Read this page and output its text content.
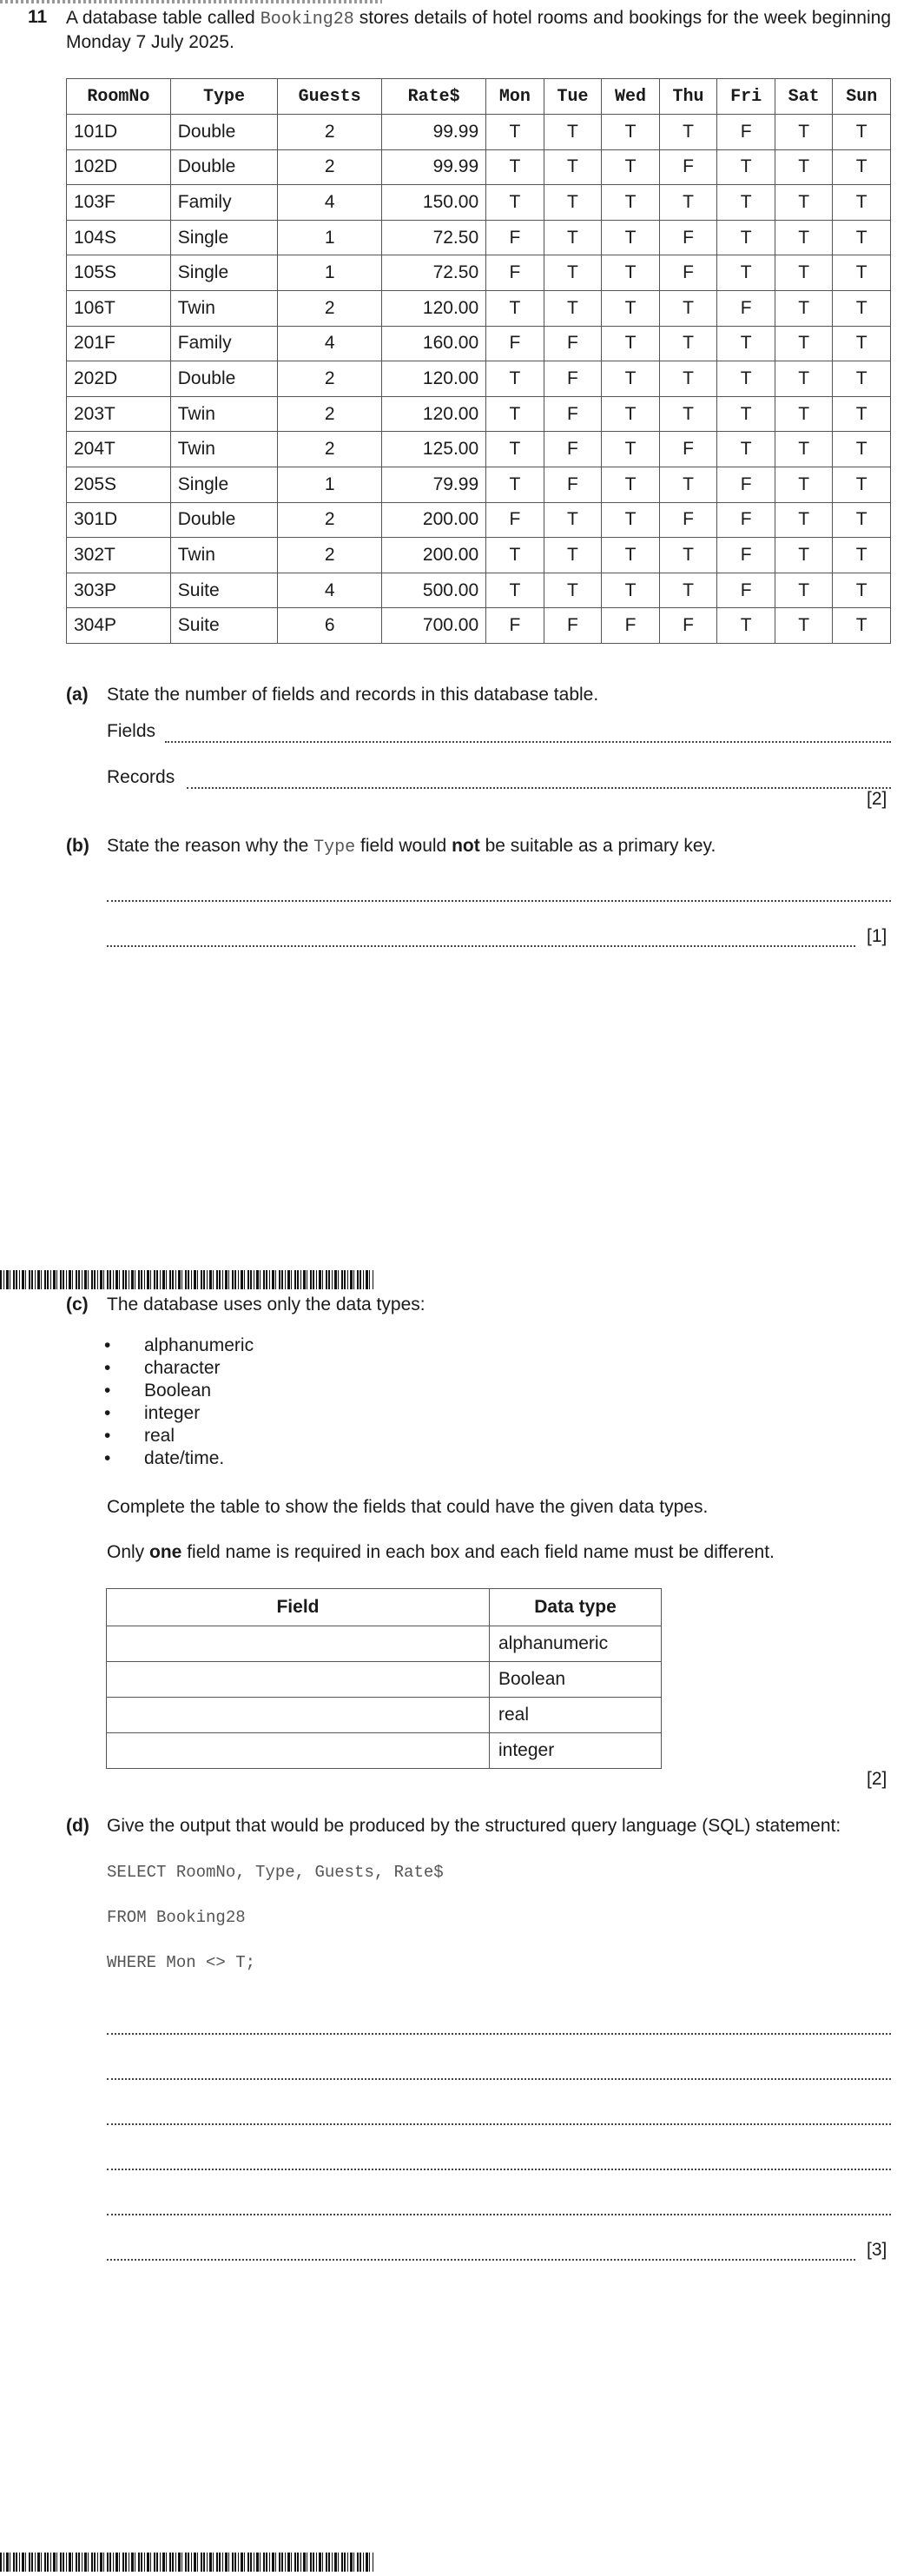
11 A database table called Booking28 stores details of hotel rooms and bookings for the week beginning Monday 7 July 2025.
RoomNo	Type	Guests	Rate$	Mon	Tue	Wed	Thu	Fri	Sat	Sun
101D	Double	2	99.99	T	T	T	T	F	T	T
102D	Double	2	99.99	T	T	T	F	T	T	T
103F	Family	4	150.00	T	T	T	T	T	T	T
104S	Single	1	72.50	F	T	T	F	T	T	T
105S	Single	1	72.50	F	T	T	F	T	T	T
106T	Twin	2	120.00	T	T	T	T	F	T	T
201F	Family	4	160.00	F	F	T	T	T	T	T
202D	Double	2	120.00	T	F	T	T	T	T	T
203T	Twin	2	120.00	T	F	T	T	T	T	T
204T	Twin	2	125.00	T	F	T	F	T	T	T
205S	Single	1	79.99	T	F	T	T	F	T	T
301D	Double	2	200.00	F	T	T	F	F	T	T
302T	Twin	2	200.00	T	T	T	T	F	T	T
303P	Suite	4	500.00	T	T	T	T	F	T	T
304P	Suite	6	700.00	F	F	F	F	T	T	T
(a) State the number of fields and records in this database table.
Fields
Records
[2]
(b) State the reason why the Type field would not be suitable as a primary key.
[1]
(c) The database uses only the data types:
• alphanumeric
• character
• Boolean
• integer
• real
• date/time.
Complete the table to show the fields that could have the given data types.
Only one field name is required in each box and each field name must be different.
Field	Data type
	alphanumeric
	Boolean
	real
	integer
[2]
(d) Give the output that would be produced by the structured query language (SQL) statement:
SELECT RoomNo, Type, Guests, Rate$
FROM Booking28
WHERE Mon <> T;
[3]
